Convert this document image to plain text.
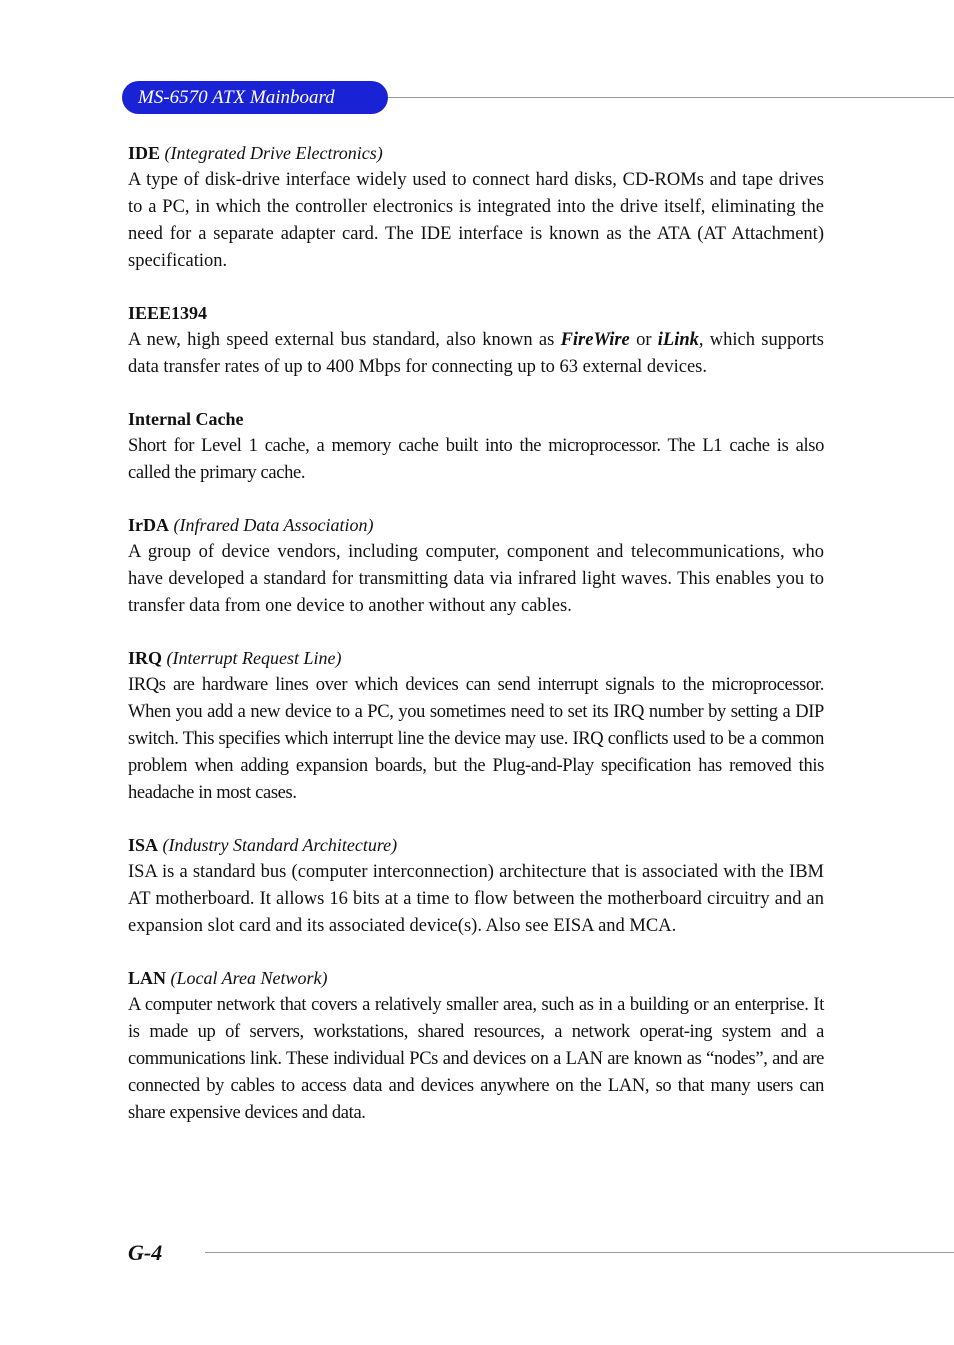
MS-6570 ATX Mainboard

IDE (Integrated Drive Electronics)

A type of disk-drive interface widely used to connect hard disks, CD-ROMs and tape drives to a PC, in which the controller electronics is integrated into the drive itself, eliminating the need for a separate adapter card. The IDE interface is known as the ATA (AT Attachment) specification.

IEEE1394

A new, high speed external bus standard, also known as FireWire or iLink, which supports data transfer rates of up to 400 Mbps for connecting up to 63 external devices.

Internal Cache

Short for Level 1 cache, a memory cache built into the microprocessor. The L1 cache is also called the primary cache.

IrDA (Infrared Data Association)

A group of device vendors, including computer, component and telecommunications, who have developed a standard for transmitting data via infrared light waves. This enables you to transfer data from one device to another without any cables.

IRQ (Interrupt Request Line)

IRQs are hardware lines over which devices can send interrupt signals to the microprocessor. When you add a new device to a PC, you sometimes need to set its IRQ number by setting a DIP switch. This specifies which interrupt line the device may use. IRQ conflicts used to be a common problem when adding expansion boards, but the Plug-and-Play specification has removed this headache in most cases.

ISA (Industry Standard Architecture)

ISA is a standard bus (computer interconnection) architecture that is associated with the IBM AT motherboard. It allows 16 bits at a time to flow between the motherboard circuitry and an expansion slot card and its associated device(s). Also see EISA and MCA.

LAN (Local Area Network)

A computer network that covers a relatively smaller area, such as in a building or an enterprise. It is made up of servers, workstations, shared resources, a network operat-ing system and a communications link. These individual PCs and devices on a LAN are known as “nodes”, and are connected by cables to access data and devices anywhere on the LAN, so that many users can share expensive devices and data.

G-4
